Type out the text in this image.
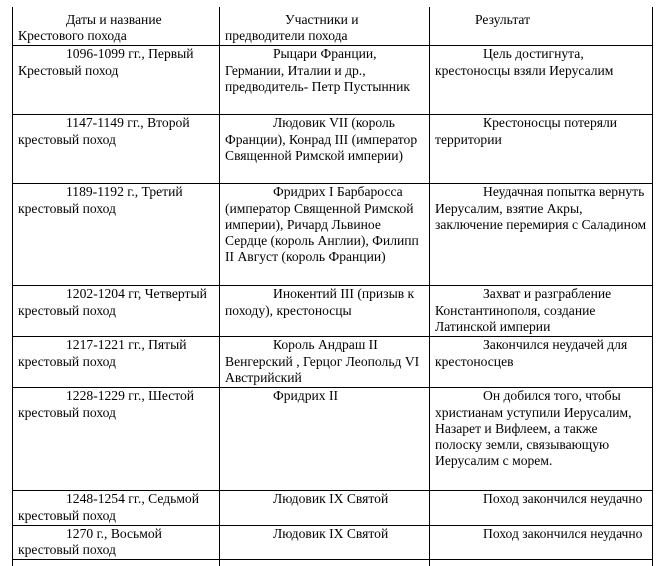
Даты и название Крестового похода	Участники и предводители похода	Результат

1096-1099 гг., Первый Крестовый поход	Рыцари Франции, Германии, Италии и др., предводитель- Петр Пустынник	Цель достигнута, крестоносцы взяли Иерусалим

1147-1149 гг., Второй крестовый поход	Людовик VII (король Франции), Конрад III (император Священной Римской империи)	Крестоносцы потеряли территории

1189-1192 г., Третий крестовый поход	Фридрих I Барбаросса (император Священной Римской империи), Ричард Львиное Сердце (король Англии), Филипп II Август (король Франции)	Неудачная попытка вернуть Иерусалим, взятие Акры, заключение перемирия с Саладином

1202-1204 гг, Четвертый крестовый поход	Инокентий III (призыв к походу), крестоносцы	Захват и разграбление Константинополя, создание Латинской империи

1217-1221 гг., Пятый крестовый поход	Король Андраш II Венгерский , Герцог Леопольд VI Австрийский	Закончился неудачей для крестоносцев

1228-1229 гг., Шестой крестовый поход	Фридрих II	Он добился того, чтобы христианам уступили Иерусалим, Назарет и Вифлеем, а также полоску земли, связывающую Иерусалим с морем.

1248-1254 гг., Седьмой крестовый поход	Людовик IX Святой	Поход закончился неудачно

1270 г., Восьмой крестовый поход	Людовик IX Святой	Поход закончился неудачно
